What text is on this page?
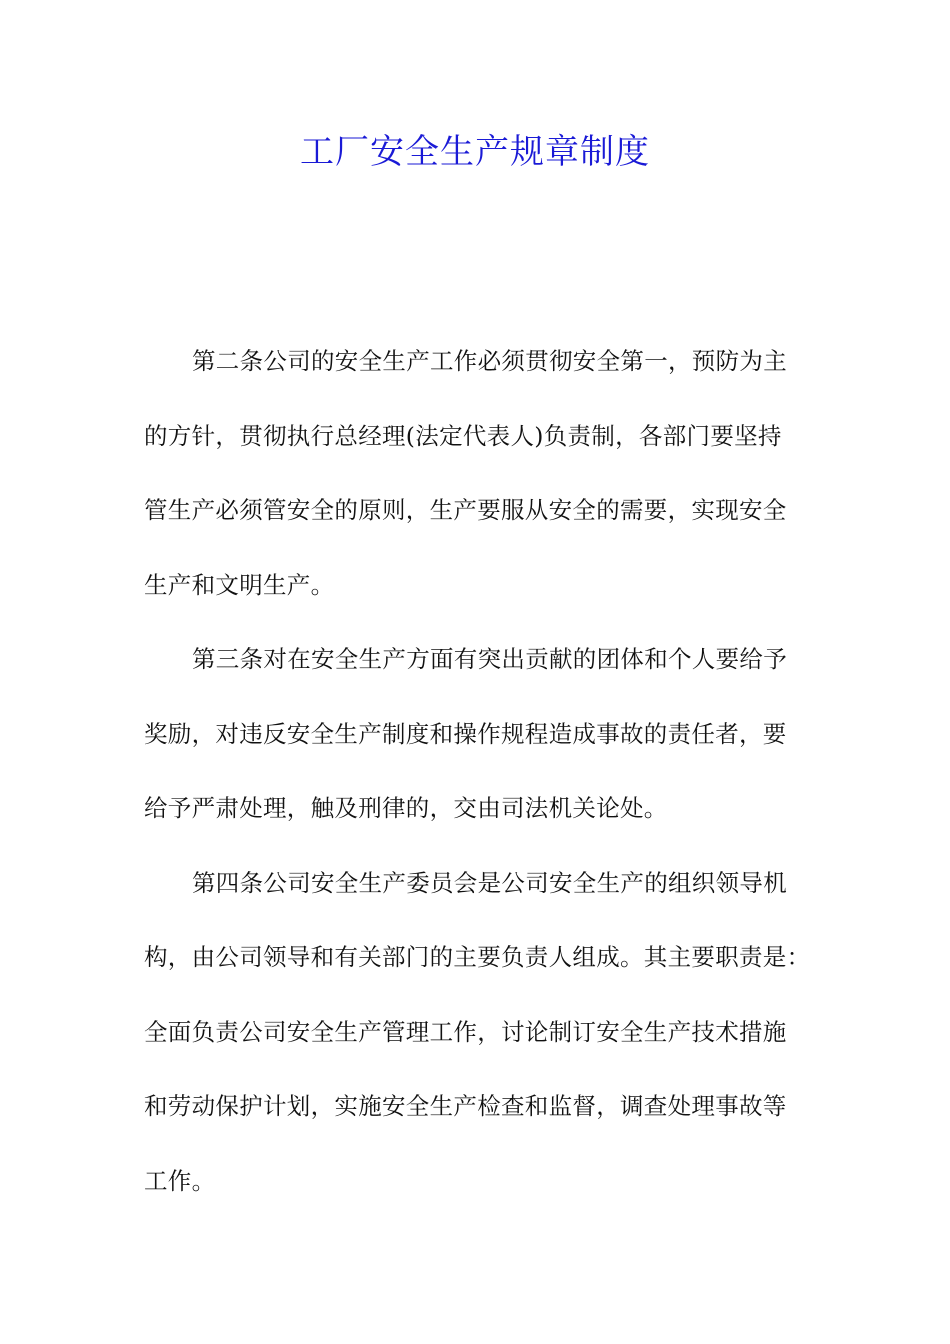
工厂安全生产规章制度
第二条公司的安全生产工作必须贯彻安全第一，预防为主
的方针，贯彻执行总经理(法定代表人)负责制，各部门要坚持
管生产必须管安全的原则，生产要服从安全的需要，实现安全
生产和文明生产。
第三条对在安全生产方面有突出贡献的团体和个人要给予
奖励，对违反安全生产制度和操作规程造成事故的责任者，要
给予严肃处理，触及刑律的，交由司法机关论处。
第四条公司安全生产委员会是公司安全生产的组织领导机
构，由公司领导和有关部门的主要负责人组成。其主要职责是：
全面负责公司安全生产管理工作，讨论制订安全生产技术措施
和劳动保护计划，实施安全生产检查和监督，调查处理事故等
工作。
